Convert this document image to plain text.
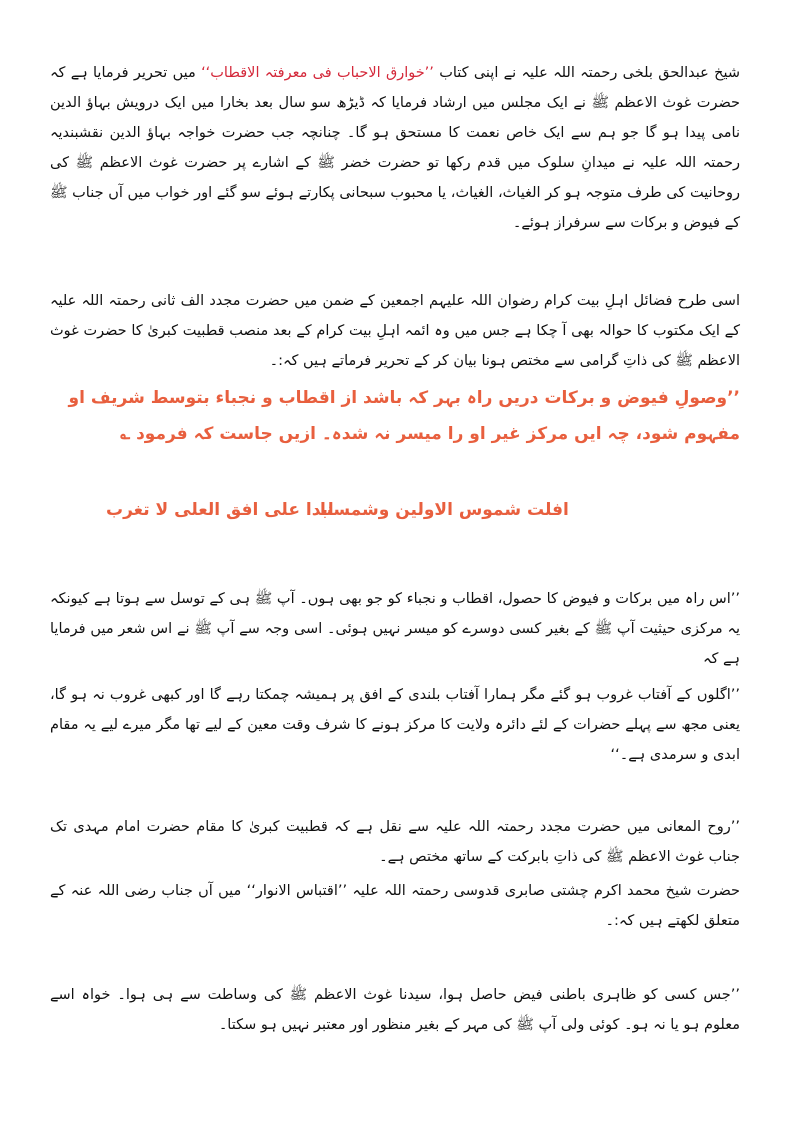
شیخ عبدالحق بلخی رحمتہ اللہ علیہ نے اپنی کتاب ’’خوارق الاحباب فی معرفتہ الاقطاب‘‘ میں تحریر فرمایا ہے کہ حضرت غوث الاعظم ﷺ نے ایک مجلس میں ارشاد فرمایا کہ ڈیڑھ سو سال بعد بخارا میں ایک درویش بہاؤ الدین نامی پیدا ہو گا جو ہم سے ایک خاص نعمت کا مستحق ہو گا۔ چنانچہ جب حضرت خواجہ بہاؤ الدین نقشبندیہ رحمتہ اللہ علیہ نے میدانِ سلوک میں قدم رکھا تو حضرت خضر ﷺ کے اشارے پر حضرت غوث الاعظم ﷺ کی روحانیت کی طرف متوجہ ہو کر الغیاث، الغیاث، یا محبوب سبحانی پکارتے ہوئے سو گئے اور خواب میں آں جناب ﷺ کے فیوض و برکات سے سرفراز ہوئے۔
اسی طرح فضائل اہلِ بیت کرام رضوان اللہ علیہم اجمعین کے ضمن میں حضرت مجدد الف ثانی رحمتہ اللہ علیہ کے ایک مکتوب کا حوالہ بھی آ چکا ہے جس میں وہ ائمہ اہلِ بیت کرام کے بعد منصب قطبیت کبریٰ کا حضرت غوث الاعظم ﷺ کی ذاتِ گرامی سے مختص ہونا بیان کر کے تحریر فرماتے ہیں کہ:۔
’’وصولِ فیوض و برکات دریں راہ بہر کہ باشد از اقطاب و نجباء بتوسط شریف او مفہوم شود، چہ ایں مرکز غیر او را میسر نہ شدہ۔ ازیں جاست کہ فرمود ؎
افلت شموس الاولین وشمسنا
ابدا علی افق العلی لا تغرب
’’اس راہ میں برکات و فیوض کا حصول، اقطاب و نجباء کو جو بھی ہوں۔ آپ ﷺ ہی کے توسل سے ہوتا ہے کیونکہ یہ مرکزی حیثیت آپ ﷺ کے بغیر کسی دوسرے کو میسر نہیں ہوئی۔ اسی وجہ سے آپ ﷺ نے اس شعر میں فرمایا ہے کہ
’’اگلوں کے آفتاب غروب ہو گئے مگر ہمارا آفتاب بلندی کے افق پر ہمیشہ چمکتا رہے گا اور کبھی غروب نہ ہو گا، یعنی مجھ سے پہلے حضرات کے لئے دائرہ ولایت کا مرکز ہونے کا شرف وقت معین کے لیے تھا مگر میرے لیے یہ مقام ابدی و سرمدی ہے۔‘‘
’’روح المعانی میں حضرت مجدد رحمتہ اللہ علیہ سے نقل ہے کہ قطبیت کبریٰ کا مقام حضرت امام مہدی تک جناب غوث الاعظم ﷺ کی ذاتِ بابرکت کے ساتھ مختص ہے۔
حضرت شیخ محمد اکرم چشتی صابری قدوسی رحمتہ اللہ علیہ ’’اقتباس الانوار‘‘ میں آں جناب رضی اللہ عنہ کے متعلق لکھتے ہیں کہ:۔
’’جس کسی کو ظاہری باطنی فیض حاصل ہوا، سیدنا غوث الاعظم ﷺ کی وساطت سے ہی ہوا۔ خواہ اسے معلوم ہو یا نہ ہو۔ کوئی ولی آپ ﷺ کی مہر کے بغیر منظور اور معتبر نہیں ہو سکتا۔
